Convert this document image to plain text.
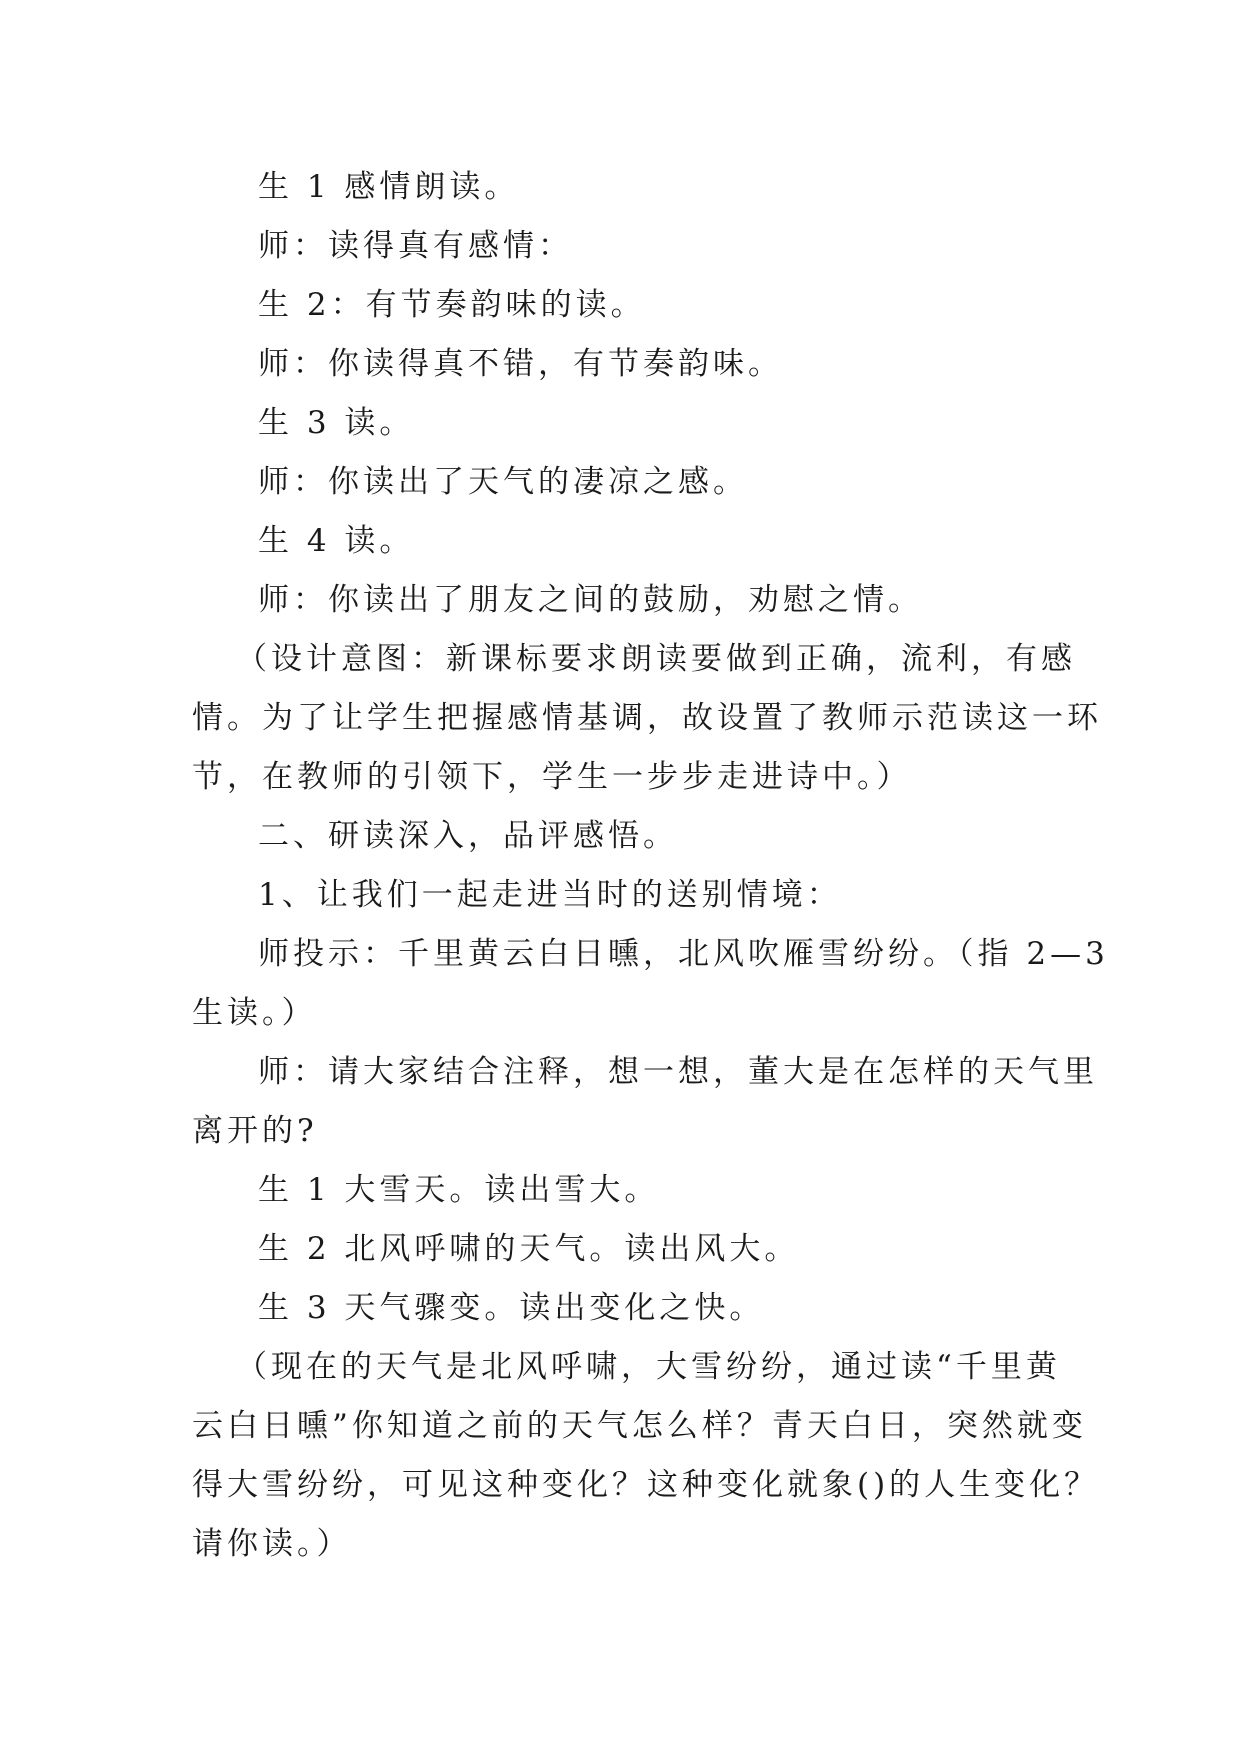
生 1 感情朗读。
师：读得真有感情：
生 2：有节奏韵味的读。
师：你读得真不错，有节奏韵味。
生 3 读。
师：你读出了天气的凄凉之感。
生 4 读。
师：你读出了朋友之间的鼓励，劝慰之情。
（设计意图：新课标要求朗读要做到正确，流利，有感
情。为了让学生把握感情基调，故设置了教师示范读这一环
节，在教师的引领下，学生一步步走进诗中。）
二、研读深入，品评感悟。
1、让我们一起走进当时的送别情境：
师投示：千里黄云白日曛，北风吹雁雪纷纷。（指 2—3
生读。）
师：请大家结合注释，想一想，董大是在怎样的天气里
离开的?
生 1 大雪天。读出雪大。
生 2 北风呼啸的天气。读出风大。
生 3 天气骤变。读出变化之快。
（现在的天气是北风呼啸，大雪纷纷，通过读“千里黄
云白日曛”你知道之前的天气怎么样？青天白日，突然就变
得大雪纷纷，可见这种变化？这种变化就象()的人生变化？
请你读。）
